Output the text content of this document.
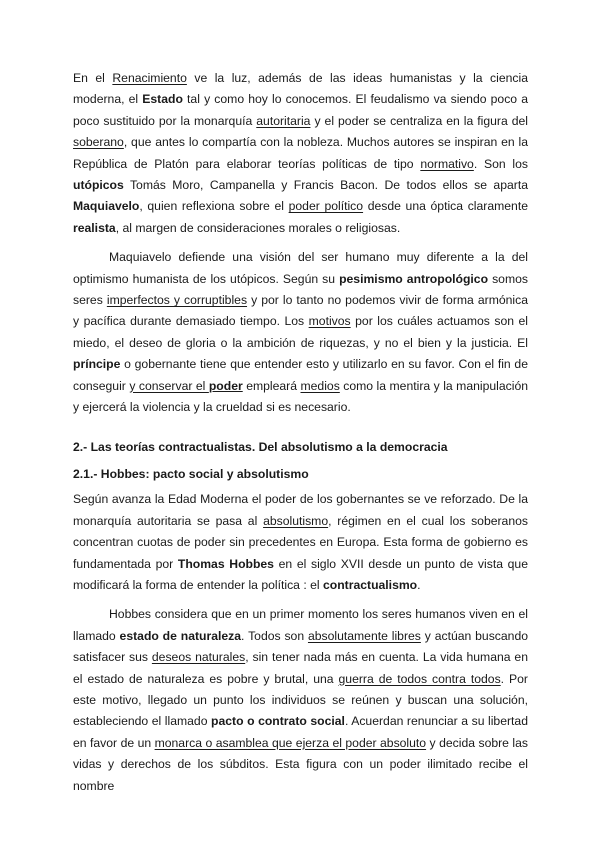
En el Renacimiento ve la luz, además de las ideas humanistas y la ciencia moderna, el Estado tal y como hoy lo conocemos. El feudalismo va siendo poco a poco sustituido por la monarquía autoritaria y el poder se centraliza en la figura del soberano, que antes lo compartía con la nobleza. Muchos autores se inspiran en la República de Platón para elaborar teorías políticas de tipo normativo. Son los utópicos Tomás Moro, Campanella y Francis Bacon. De todos ellos se aparta Maquiavelo, quien reflexiona sobre el poder político desde una óptica claramente realista, al margen de consideraciones morales o religiosas.

Maquiavelo defiende una visión del ser humano muy diferente a la del optimismo humanista de los utópicos. Según su pesimismo antropológico somos seres imperfectos y corruptibles y por lo tanto no podemos vivir de forma armónica y pacífica durante demasiado tiempo. Los motivos por los cuáles actuamos son el miedo, el deseo de gloria o la ambición de riquezas, y no el bien y la justicia. El príncipe o gobernante tiene que entender esto y utilizarlo en su favor. Con el fin de conseguir y conservar el poder empleará medios como la mentira y la manipulación y ejercerá la violencia y la crueldad si es necesario.

2.- Las teorías contractualistas. Del absolutismo a la democracia

2.1.- Hobbes: pacto social y absolutismo

Según avanza la Edad Moderna el poder de los gobernantes se ve reforzado. De la monarquía autoritaria se pasa al absolutismo, régimen en el cual los soberanos concentran cuotas de poder sin precedentes en Europa. Esta forma de gobierno es fundamentada por Thomas Hobbes en el siglo XVII desde un punto de vista que modificará la forma de entender la política : el contractualismo.

Hobbes considera que en un primer momento los seres humanos viven en el llamado estado de naturaleza. Todos son absolutamente libres y actúan buscando satisfacer sus deseos naturales, sin tener nada más en cuenta. La vida humana en el estado de naturaleza es pobre y brutal, una guerra de todos contra todos. Por este motivo, llegado un punto los individuos se reúnen y buscan una solución, estableciendo el llamado pacto o contrato social. Acuerdan renunciar a su libertad en favor de un monarca o asamblea que ejerza el poder absoluto y decida sobre las vidas y derechos de los súbditos. Esta figura con un poder ilimitado recibe el nombre
